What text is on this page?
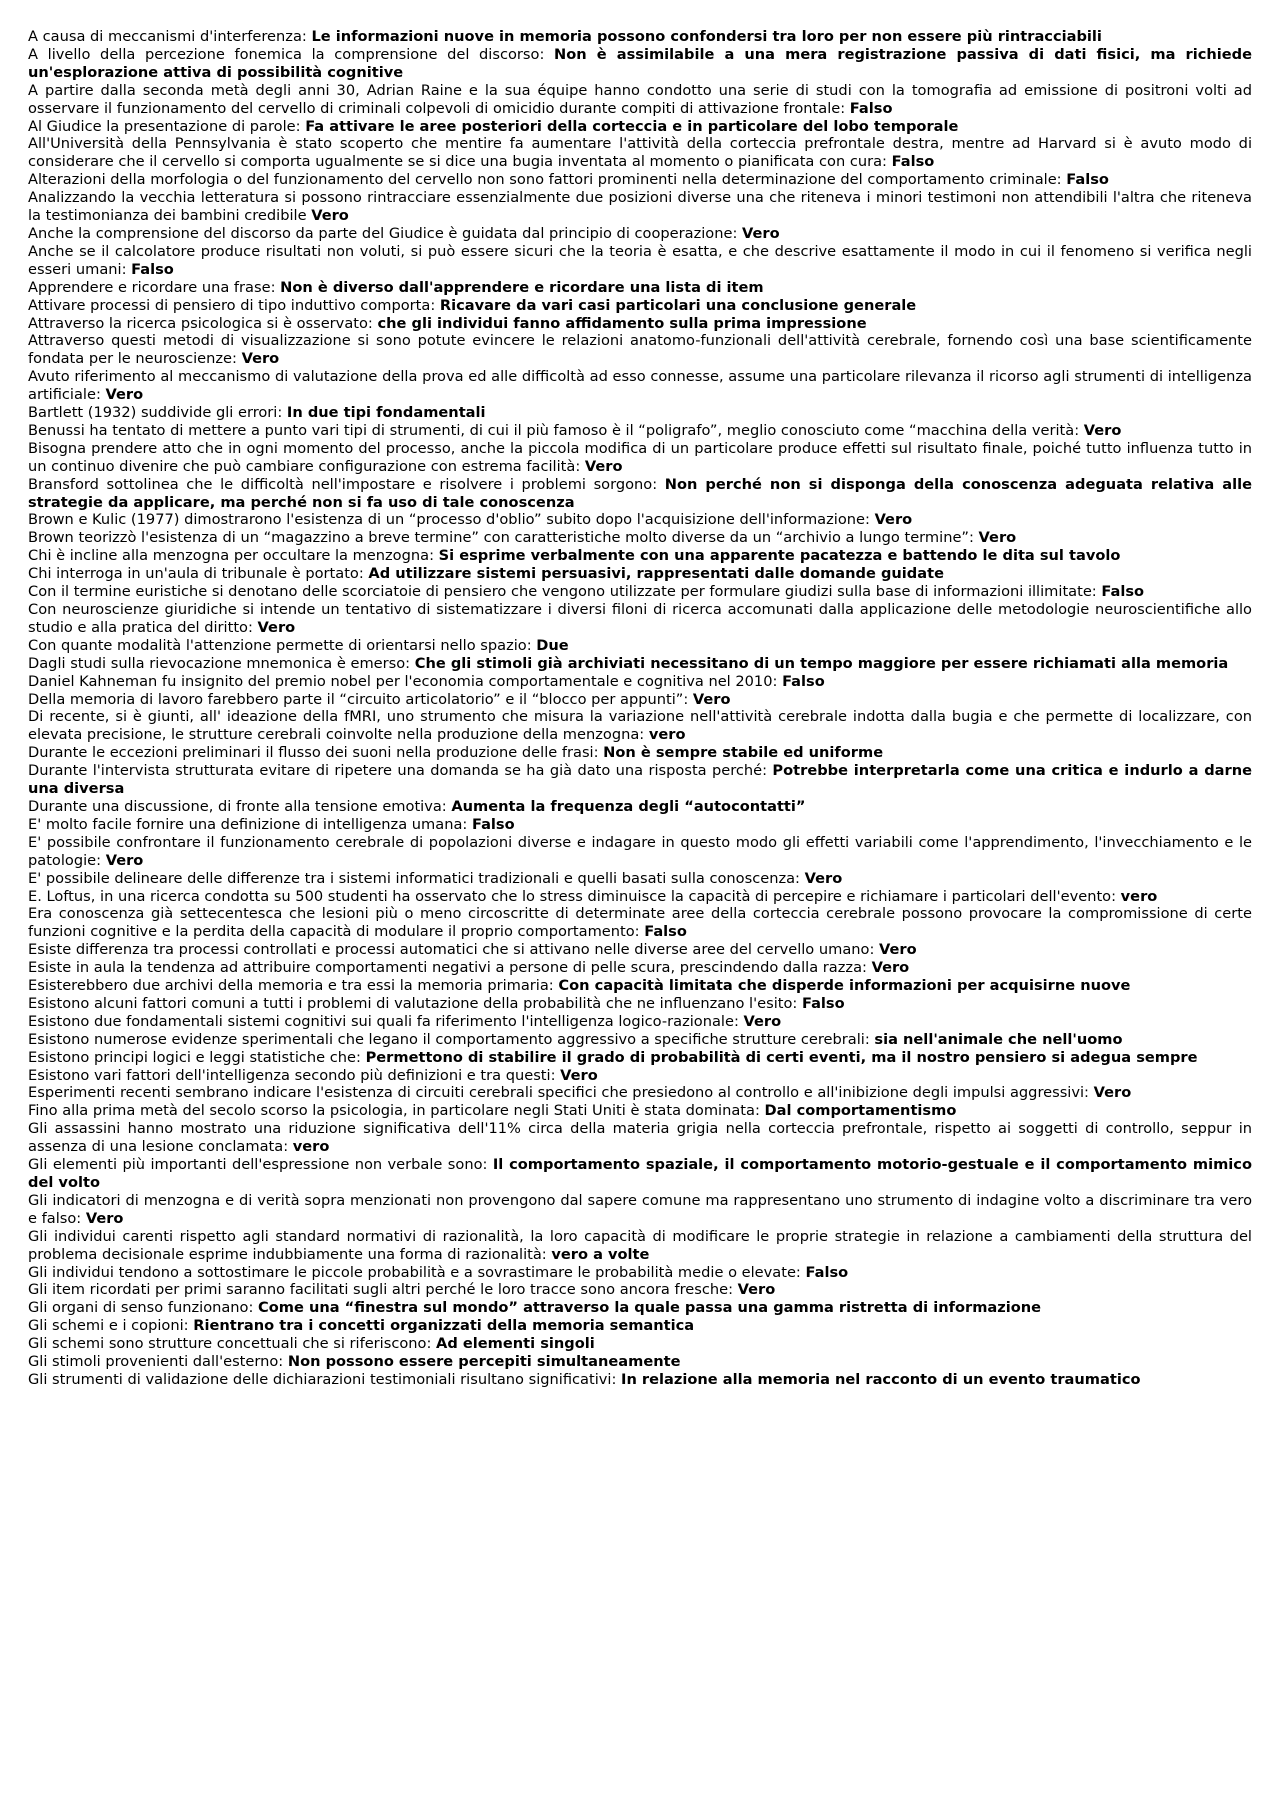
A causa di meccanismi d'interferenza: Le informazioni nuove in memoria possono confondersi tra loro per non essere più rintracciabili

A livello della percezione fonemica la comprensione del discorso: Non è assimilabile a una mera registrazione passiva di dati fisici, ma richiede un'esplorazione attiva di possibilità cognitive

A partire dalla seconda metà degli anni 30, Adrian Raine e la sua équipe hanno condotto una serie di studi con la tomografia ad emissione di positroni volti ad osservare il funzionamento del cervello di criminali colpevoli di omicidio durante compiti di attivazione frontale: Falso

Al Giudice la presentazione di parole: Fa attivare le aree posteriori della corteccia e in particolare del lobo temporale

All'Università della Pennsylvania è stato scoperto che mentire fa aumentare l'attività della corteccia prefrontale destra, mentre ad Harvard si è avuto modo di considerare che il cervello si comporta ugualmente se si dice una bugia inventata al momento o pianificata con cura: Falso

Alterazioni della morfologia o del funzionamento del cervello non sono fattori prominenti nella determinazione del comportamento criminale: Falso

Analizzando la vecchia letteratura si possono rintracciare essenzialmente due posizioni diverse una che riteneva i minori testimoni non attendibili l'altra che riteneva la testimonianza dei bambini credibile Vero

Anche la comprensione del discorso da parte del Giudice è guidata dal principio di cooperazione: Vero

Anche se il calcolatore produce risultati non voluti, si può essere sicuri che la teoria è esatta, e che descrive esattamente il modo in cui il fenomeno si verifica negli esseri umani: Falso

Apprendere e ricordare una frase: Non è diverso dall'apprendere e ricordare una lista di item

Attivare processi di pensiero di tipo induttivo comporta: Ricavare da vari casi particolari una conclusione generale

Attraverso la ricerca psicologica si è osservato: che gli individui fanno affidamento sulla prima impressione

Attraverso questi metodi di visualizzazione si sono potute evincere le relazioni anatomo-funzionali dell'attività cerebrale, fornendo così una base scientificamente fondata per le neuroscienze: Vero

Avuto riferimento al meccanismo di valutazione della prova ed alle difficoltà ad esso connesse, assume una particolare rilevanza il ricorso agli strumenti di intelligenza artificiale: Vero

Bartlett (1932) suddivide gli errori: In due tipi fondamentali

Benussi ha tentato di mettere a punto vari tipi di strumenti, di cui il più famoso è il “poligrafo”, meglio conosciuto come “macchina della verità: Vero

Bisogna prendere atto che in ogni momento del processo, anche la piccola modifica di un particolare produce effetti sul risultato finale, poiché tutto influenza tutto in un continuo divenire che può cambiare configurazione con estrema facilità: Vero

Bransford sottolinea che le difficoltà nell'impostare e risolvere i problemi sorgono: Non perché non si disponga della conoscenza adeguata relativa alle strategie da applicare, ma perché non si fa uso di tale conoscenza

Brown e Kulic (1977) dimostrarono l'esistenza di un “processo d'oblio” subito dopo l'acquisizione dell'informazione: Vero

Brown teorizzò l'esistenza di un “magazzino a breve termine” con caratteristiche molto diverse da un “archivio a lungo termine”: Vero

Chi è incline alla menzogna per occultare la menzogna: Si esprime verbalmente con una apparente pacatezza e battendo le dita sul tavolo

Chi interroga in un'aula di tribunale è portato: Ad utilizzare sistemi persuasivi, rappresentati dalle domande guidate

Con il termine euristiche si denotano delle scorciatoie di pensiero che vengono utilizzate per formulare giudizi sulla base di informazioni illimitate: Falso

Con neuroscienze giuridiche si intende un tentativo di sistematizzare i diversi filoni di ricerca accomunati dalla applicazione delle metodologie neuroscientifiche allo studio e alla pratica del diritto: Vero

Con quante modalità l'attenzione permette di orientarsi nello spazio: Due

Dagli studi sulla rievocazione mnemonica è emerso: Che gli stimoli già archiviati necessitano di un tempo maggiore per essere richiamati alla memoria

Daniel Kahneman fu insignito del premio nobel per l'economia comportamentale e cognitiva nel 2010: Falso

Della memoria di lavoro farebbero parte il “circuito articolatorio” e il “blocco per appunti”: Vero

Di recente, si è giunti, all' ideazione della fMRI, uno strumento che misura la variazione nell'attività cerebrale indotta dalla bugia e che permette di localizzare, con elevata precisione, le strutture cerebrali coinvolte nella produzione della menzogna: vero

Durante le eccezioni preliminari il flusso dei suoni nella produzione delle frasi: Non è sempre stabile ed uniforme

Durante l'intervista strutturata evitare di ripetere una domanda se ha già dato una risposta perché: Potrebbe interpretarla come una critica e indurlo a darne una diversa

Durante una discussione, di fronte alla tensione emotiva: Aumenta la frequenza degli “autocontatti”

E' molto facile fornire una definizione di intelligenza umana: Falso

E' possibile confrontare il funzionamento cerebrale di popolazioni diverse e indagare in questo modo gli effetti variabili come l'apprendimento, l'invecchiamento e le patologie: Vero

E' possibile delineare delle differenze tra i sistemi informatici tradizionali e quelli basati sulla conoscenza: Vero

E. Loftus, in una ricerca condotta su 500 studenti ha osservato che lo stress diminuisce la capacità di percepire e richiamare i particolari dell'evento: vero

Era conoscenza già settecentesca che lesioni più o meno circoscritte di determinate aree della corteccia cerebrale possono provocare la compromissione di certe funzioni cognitive e la perdita della capacità di modulare il proprio comportamento: Falso

Esiste differenza tra processi controllati e processi automatici che si attivano nelle diverse aree del cervello umano: Vero

Esiste in aula la tendenza ad attribuire comportamenti negativi a persone di pelle scura, prescindendo dalla razza: Vero

Esisterebbero due archivi della memoria e tra essi la memoria primaria: Con capacità limitata che disperde informazioni per acquisirne nuove

Esistono alcuni fattori comuni a tutti i problemi di valutazione della probabilità che ne influenzano l'esito: Falso

Esistono due fondamentali sistemi cognitivi sui quali fa riferimento l'intelligenza logico-razionale: Vero

Esistono numerose evidenze sperimentali che legano il comportamento aggressivo a specifiche strutture cerebrali: sia nell'animale che nell'uomo

Esistono principi logici e leggi statistiche che: Permettono di stabilire il grado di probabilità di certi eventi, ma il nostro pensiero si adegua sempre

Esistono vari fattori dell'intelligenza secondo più definizioni e tra questi: Vero

Esperimenti recenti sembrano indicare l'esistenza di circuiti cerebrali specifici che presiedono al controllo e all'inibizione degli impulsi aggressivi: Vero

Fino alla prima metà del secolo scorso la psicologia, in particolare negli Stati Uniti è stata dominata: Dal comportamentismo

Gli assassini hanno mostrato una riduzione significativa dell'11% circa della materia grigia nella corteccia prefrontale, rispetto ai soggetti di controllo, seppur in assenza di una lesione conclamata: vero

Gli elementi più importanti dell'espressione non verbale sono: Il comportamento spaziale, il comportamento motorio-gestuale e il comportamento mimico del volto

Gli indicatori di menzogna e di verità sopra menzionati non provengono dal sapere comune ma rappresentano uno strumento di indagine volto a discriminare tra vero e falso: Vero

Gli individui carenti rispetto agli standard normativi di razionalità, la loro capacità di modificare le proprie strategie in relazione a cambiamenti della struttura del problema decisionale esprime indubbiamente una forma di razionalità: vero a volte

Gli individui tendono a sottostimare le piccole probabilità e a sovrastimare le probabilità medie o elevate: Falso

Gli item ricordati per primi saranno facilitati sugli altri perché le loro tracce sono ancora fresche: Vero

Gli organi di senso funzionano: Come una “finestra sul mondo” attraverso la quale passa una gamma ristretta di informazione

Gli schemi e i copioni: Rientrano tra i concetti organizzati della memoria semantica

Gli schemi sono strutture concettuali che si riferiscono: Ad elementi singoli

Gli stimoli provenienti dall'esterno: Non possono essere percepiti simultaneamente

Gli strumenti di validazione delle dichiarazioni testimoniali risultano significativi: In relazione alla memoria nel racconto di un evento traumatico
